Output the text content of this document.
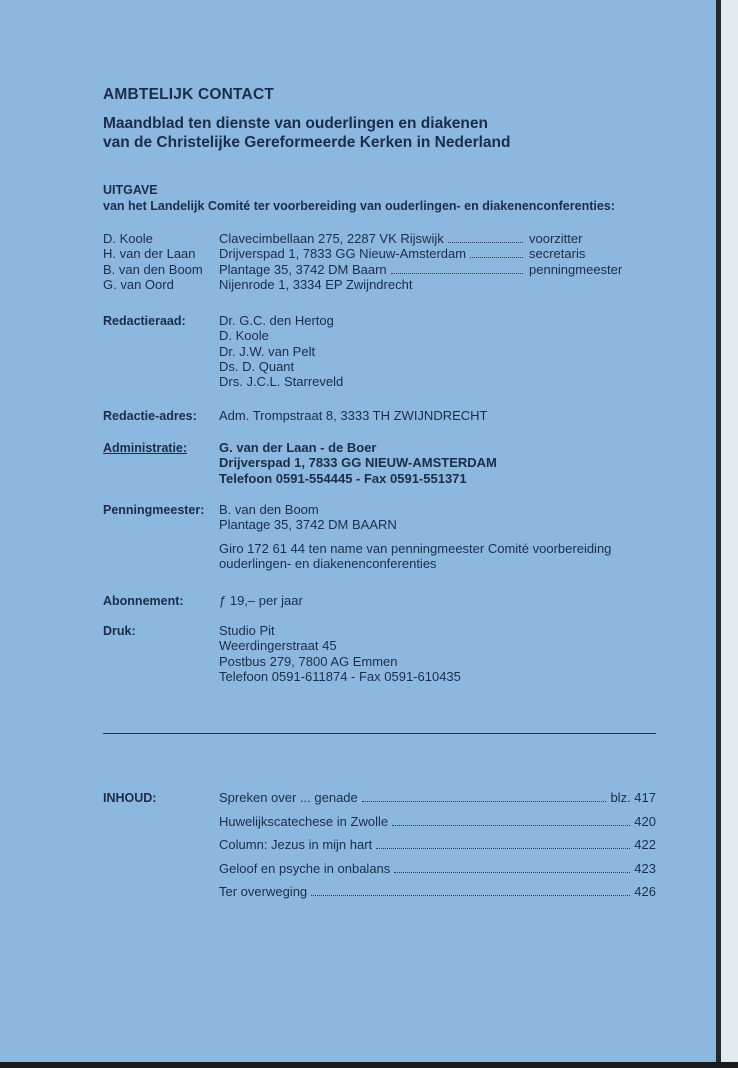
AMBTELIJK CONTACT
Maandblad ten dienste van ouderlingen en diakenen
van de Christelijke Gereformeerde Kerken in Nederland
UITGAVE
van het Landelijk Comité ter voorbereiding van ouderlingen- en diakenenconferenties:
D. Koole	Clavecimbellaan 275, 2287 VK Rijswijk	voorzitter
H. van der Laan	Drijverspad 1, 7833 GG Nieuw-Amsterdam	secretaris
B. van den Boom	Plantage 35, 3742 DM Baarn	penningmeester
G. van Oord	Nijenrode 1, 3334 EP Zwijndrecht
Redactieraad:	Dr. G.C. den Hertog
D. Koole
Dr. J.W. van Pelt
Ds. D. Quant
Drs. J.C.L. Starreveld
Redactie-adres: Adm. Trompstraat 8, 3333 TH ZWIJNDRECHT
Administratie: G. van der Laan - de Boer
Drijverspad 1, 7833 GG NIEUW-AMSTERDAM
Telefoon 0591-554445 - Fax 0591-551371
Penningmeester: B. van den Boom
Plantage 35, 3742 DM BAARN
Giro 172 61 44 ten name van penningmeester Comité voorbereiding
ouderlingen- en diakenenconferenties
Abonnement:	ƒ 19,– per jaar
Druk:	Studio Pit
Weerdingerstraat 45
Postbus 279, 7800 AG Emmen
Telefoon 0591-611874 - Fax 0591-610435
INHOUD:	Spreken over ... genade	blz. 417
Huwelijkscatechese in Zwolle	420
Column: Jezus in mijn hart	422
Geloof en psyche in onbalans	423
Ter overweging	426
